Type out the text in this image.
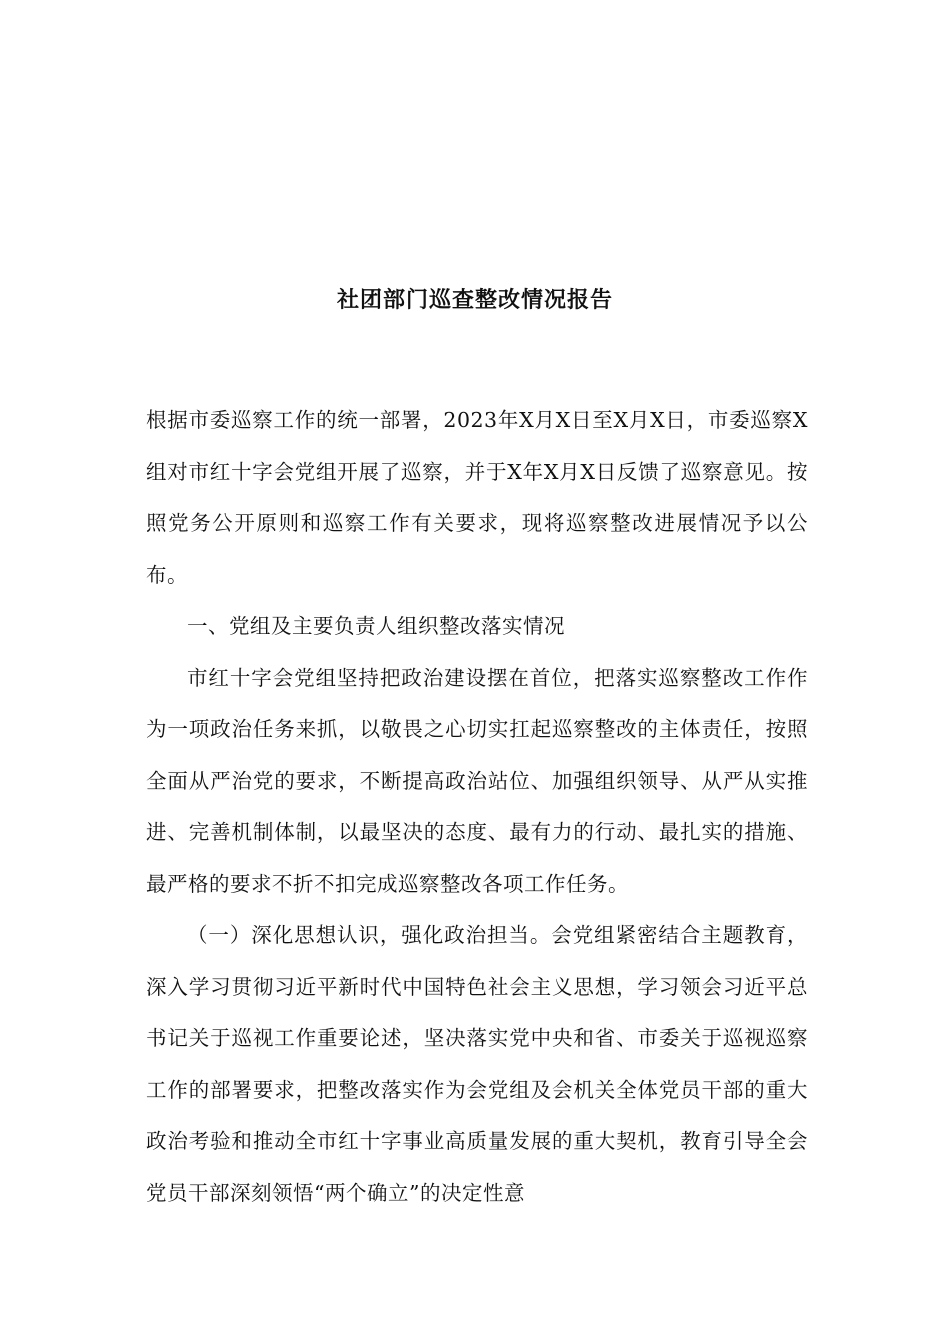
社团部门巡查整改情况报告

根据市委巡察工作的统一部署，2023年X月X日至X月X日，市委巡察X组对市红十字会党组开展了巡察，并于X年X月X日反馈了巡察意见。按照党务公开原则和巡察工作有关要求，现将巡察整改进展情况予以公布。

一、党组及主要负责人组织整改落实情况

市红十字会党组坚持把政治建设摆在首位，把落实巡察整改工作作为一项政治任务来抓，以敬畏之心切实扛起巡察整改的主体责任，按照全面从严治党的要求，不断提高政治站位、加强组织领导、从严从实推进、完善机制体制，以最坚决的态度、最有力的行动、最扎实的措施、最严格的要求不折不扣完成巡察整改各项工作任务。

（一）深化思想认识，强化政治担当。会党组紧密结合主题教育，深入学习贯彻习近平新时代中国特色社会主义思想，学习领会习近平总书记关于巡视工作重要论述，坚决落实党中央和省、市委关于巡视巡察工作的部署要求，把整改落实作为会党组及会机关全体党员干部的重大政治考验和推动全市红十字事业高质量发展的重大契机，教育引导全会党员干部深刻领悟“两个确立”的决定性意
